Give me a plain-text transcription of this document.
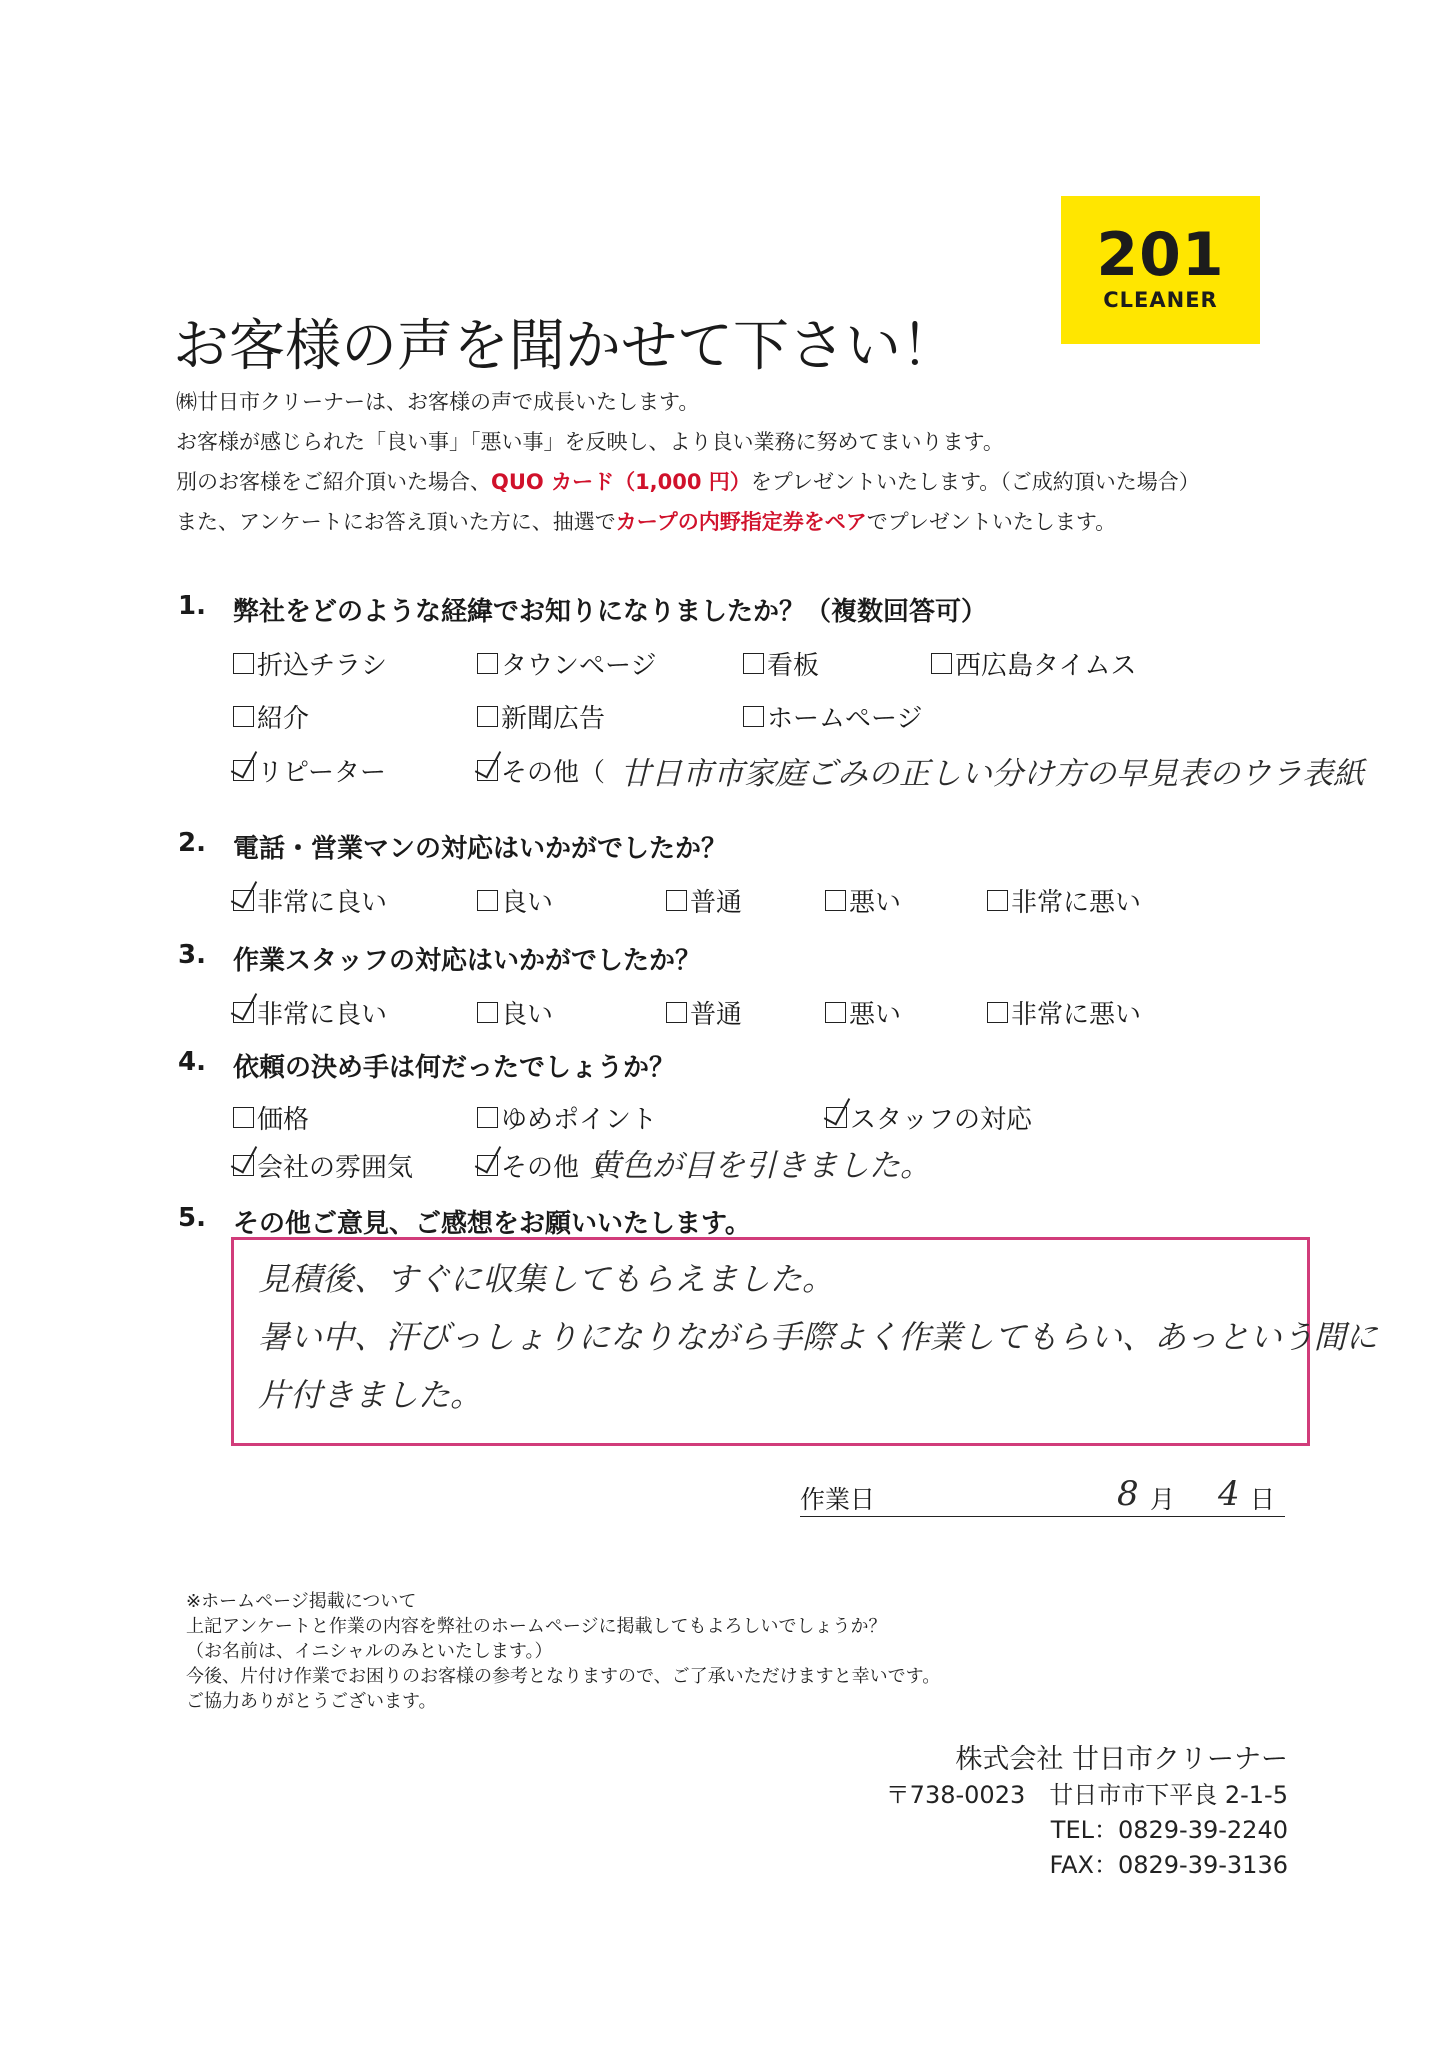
201
CLEANER
お客様の声を聞かせて下さい！
㈱廿日市クリーナーは、お客様の声で成長いたします。
お客様が感じられた「良い事」「悪い事」を反映し、より良い業務に努めてまいります。
別のお客様をご紹介頂いた場合、QUO カード（1,000 円）をプレゼントいたします。（ご成約頂いた場合）
また、アンケートにお答え頂いた方に、抽選でカープの内野指定券をペアでプレゼントいたします。
1. 弊社をどのような経緯でお知りになりましたか？（複数回答可）
折込チラシ	タウンページ	看板	西広島タイムス
紹介	新聞広告	ホームページ
リピーター	その他（ 廿日市市家庭ごみの正しい分け方の早見表のウラ表紙
2. 電話・営業マンの対応はいかがでしたか？
非常に良い	良い	普通	悪い	非常に悪い
3. 作業スタッフの対応はいかがでしたか？
非常に良い	良い	普通	悪い	非常に悪い
4. 依頼の決め手は何だったでしょうか？
価格	ゆめポイント	スタッフの対応
会社の雰囲気	その他（
黄色が目を引きました。
5. その他ご意見、ご感想をお願いいたします。
見積後、すぐに収集してもらえました。
暑い中、汗びっしょりになりながら手際よく作業してもらい、あっという間に
片付きました。
作業日	8 月 4 日
※ホームページ掲載について
上記アンケートと作業の内容を弊社のホームページに掲載してもよろしいでしょうか？
（お名前は、イニシャルのみといたします。）
今後、片付け作業でお困りのお客様の参考となりますので、ご了承いただけますと幸いです。
ご協力ありがとうございます。
株式会社 廿日市クリーナー
〒738-0023　廿日市市下平良 2-1-5
TEL：0829-39-2240
FAX：0829-39-3136
